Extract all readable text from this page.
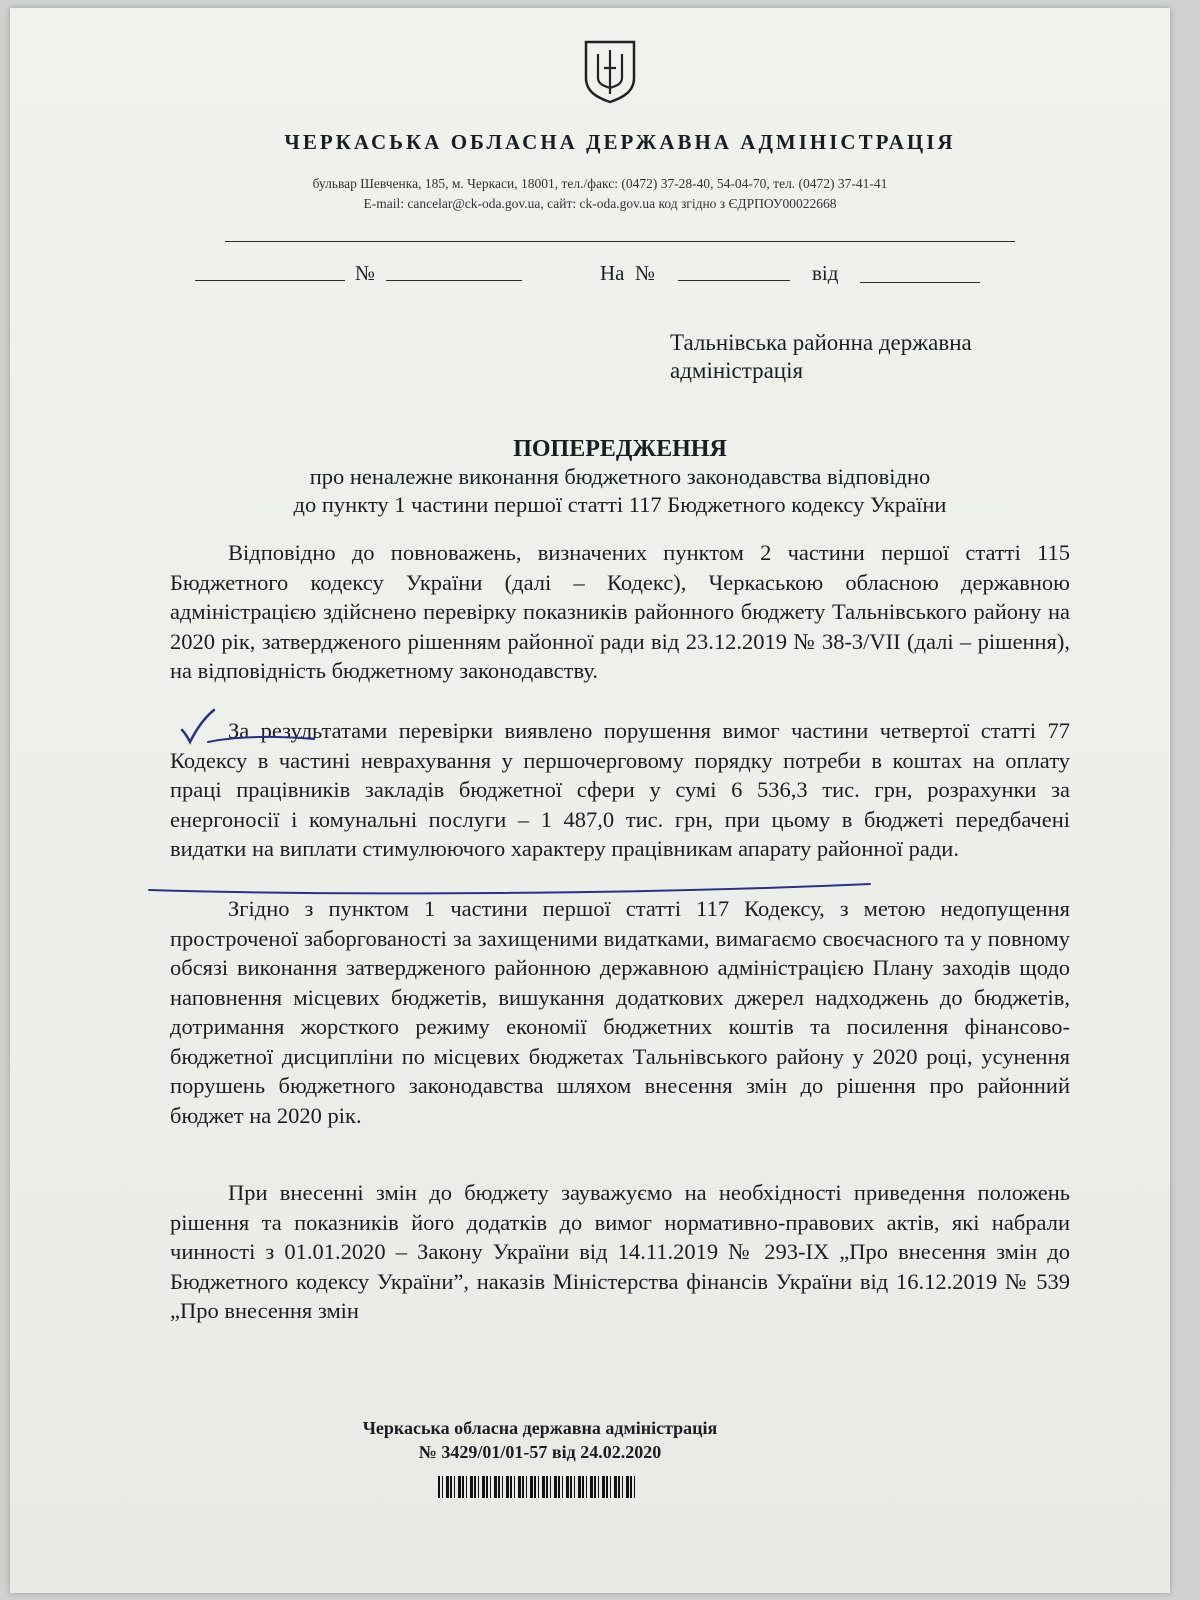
ЧЕРКАСЬКА ОБЛАСНА ДЕРЖАВНА АДМІНІСТРАЦІЯ
бульвар Шевченка, 185, м. Черкаси, 18001, тел./факс: (0472) 37-28-40, 54-04-70, тел. (0472) 37-41-41
E-mail: cancelar@ck-oda.gov.ua, сайт: ck-oda.gov.ua код згідно з ЄДРПОУ00022668
№	На  №	від
Тальнівська районна державна
адміністрація
ПОПЕРЕДЖЕННЯ
про неналежне виконання бюджетного законодавства відповідно
до пункту 1 частини першої статті 117 Бюджетного кодексу України

Відповідно до повноважень, визначених пунктом 2 частини першої статті 115 Бюджетного кодексу України (далі – Кодекс), Черкаською обласною державною адміністрацією здійснено перевірку показників районного бюджету Тальнівського району на 2020 рік, затвердженого рішенням районної ради від 23.12.2019 № 38-3/VII (далі – рішення), на відповідність бюджетному законодавству.

За результатами перевірки виявлено порушення вимог частини четвертої статті 77 Кодексу в частині неврахування у першочерговому порядку потреби в коштах на оплату праці працівників закладів бюджетної сфери у сумі 6 536,3 тис. грн, розрахунки за енергоносії і комунальні послуги – 1 487,0 тис. грн, при цьому в бюджеті передбачені видатки на виплати стимулюючого характеру працівникам апарату районної ради.

Згідно з пунктом 1 частини першої статті 117 Кодексу, з метою недопущення простроченої заборгованості за захищеними видатками, вимагаємо своєчасного та у повному обсязі виконання затвердженого районною державною адміністрацією Плану заходів щодо наповнення місцевих бюджетів, вишукання додаткових джерел надходжень до бюджетів, дотримання жорсткого режиму економії бюджетних коштів та посилення фінансово-бюджетної дисципліни по місцевих бюджетах Тальнівського району у 2020 році, усунення порушень бюджетного законодавства шляхом внесення змін до рішення про районний бюджет на 2020 рік.

При внесенні змін до бюджету зауважуємо на необхідності приведення положень рішення та показників його додатків до вимог нормативно-правових актів, які набрали чинності з 01.01.2020 – Закону України від 14.11.2019 № 293-ІХ „Про внесення змін до Бюджетного кодексу України”, наказів Міністерства фінансів України від 16.12.2019 № 539 „Про внесення змін

Черкаська обласна державна адміністрація
№ 3429/01/01-57 від 24.02.2020
